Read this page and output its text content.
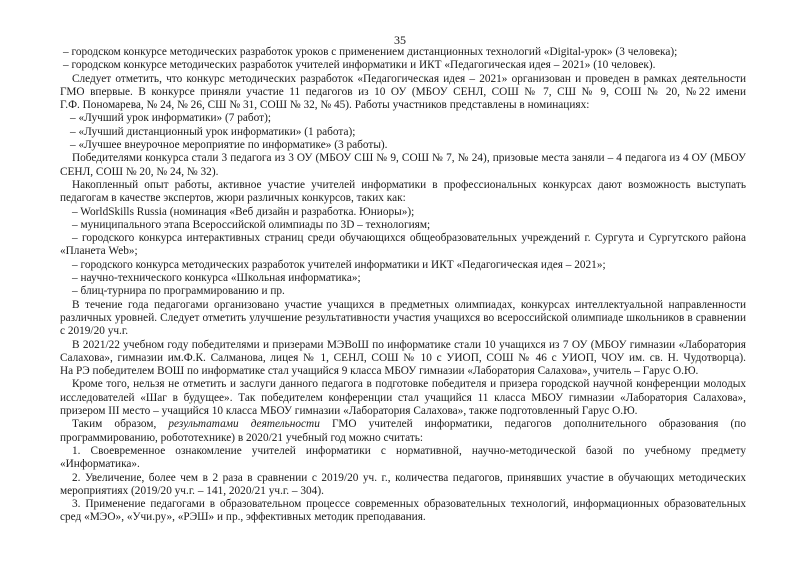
35
– городском конкурсе методических разработок уроков с применением дистанционных технологий «Digital-урок» (3 человека);
– городском конкурсе методических разработок учителей информатики и ИКТ «Педагогическая идея – 2021» (10 человек).
Следует отметить, что конкурс методических разработок «Педагогическая идея – 2021» организован и проведен в рамках деятельности
ГМО впервые. В конкурсе приняли участие 11 педагогов из 10 ОУ (МБОУ СЕНЛ, СОШ № 7, СШ № 9, СОШ № 20, №22 имени
Г.Ф. Пономарева, № 24, № 26, СШ № 31, СОШ № 32, № 45). Работы участников представлены в номинациях:
– «Лучший урок информатики» (7 работ);
– «Лучший дистанционный урок информатики» (1 работа);
– «Лучшее внеурочное мероприятие по информатике» (3 работы).
Победителями конкурса стали 3 педагога из 3 ОУ (МБОУ СШ № 9, СОШ № 7, № 24), призовые места заняли – 4 педагога из 4 ОУ (МБОУ
СЕНЛ, СОШ № 20, № 24, № 32).
Накопленный опыт работы, активное участие учителей информатики в профессиональных конкурсах дают возможность выступать
педагогам в качестве экспертов, жюри различных конкурсов, таких как:
– WorldSkills Russia (номинация «Веб дизайн и разработка. Юниоры»);
– муниципального этапа Всероссийской олимпиады по 3D – технологиям;
– городского конкурса интерактивных страниц среди обучающихся общеобразовательных учреждений г. Сургута и Сургутского района
«Планета Web»;
– городского конкурса методических разработок учителей информатики и ИКТ «Педагогическая идея – 2021»;
– научно-технического конкурса «Школьная информатика»;
– блиц-турнира по программированию и пр.
В течение года педагогами организовано участие учащихся в предметных олимпиадах, конкурсах интеллектуальной направленности
различных уровней. Следует отметить улучшение результативности участия учащихся во всероссийской олимпиаде школьников в сравнении
с 2019/20 уч.г.
В 2021/22 учебном году победителями и призерами МЭВоШ по информатике стали 10 учащихся из 7 ОУ (МБОУ гимназии «Лаборатория
Салахова», гимназии им.Ф.К. Салманова, лицея № 1, СЕНЛ, СОШ № 10 с УИОП, СОШ № 46 с УИОП, ЧОУ им. св. Н. Чудотворца).
На РЭ победителем ВОШ по информатике стал учащийся 9 класса МБОУ гимназии «Лаборатория Салахова», учитель – Гарус О.Ю.
Кроме того, нельзя не отметить и заслуги данного педагога в подготовке победителя и призера городской научной конференции молодых
исследователей «Шаг в будущее». Так победителем конференции стал учащийся 11 класса МБОУ гимназии «Лаборатория Салахова»,
призером III место – учащийся 10 класса МБОУ гимназии «Лаборатория Салахова», также подготовленный Гарус О.Ю.
Таким образом, результатами деятельности ГМО учителей информатики, педагогов дополнительного образования (по
программированию, робототехнике) в 2020/21 учебный год можно считать:
1. Своевременное ознакомление учителей информатики с нормативной, научно-методической базой по учебному предмету
«Информатика».
2. Увеличение, более чем в 2 раза в сравнении с 2019/20 уч. г., количества педагогов, принявших участие в обучающих методических
мероприятиях (2019/20 уч.г. – 141, 2020/21 уч.г. – 304).
3. Применение педагогами в образовательном процессе современных образовательных технологий, информационных образовательных
сред «МЭО», «Учи.ру», «РЭШ» и пр., эффективных методик преподавания.
